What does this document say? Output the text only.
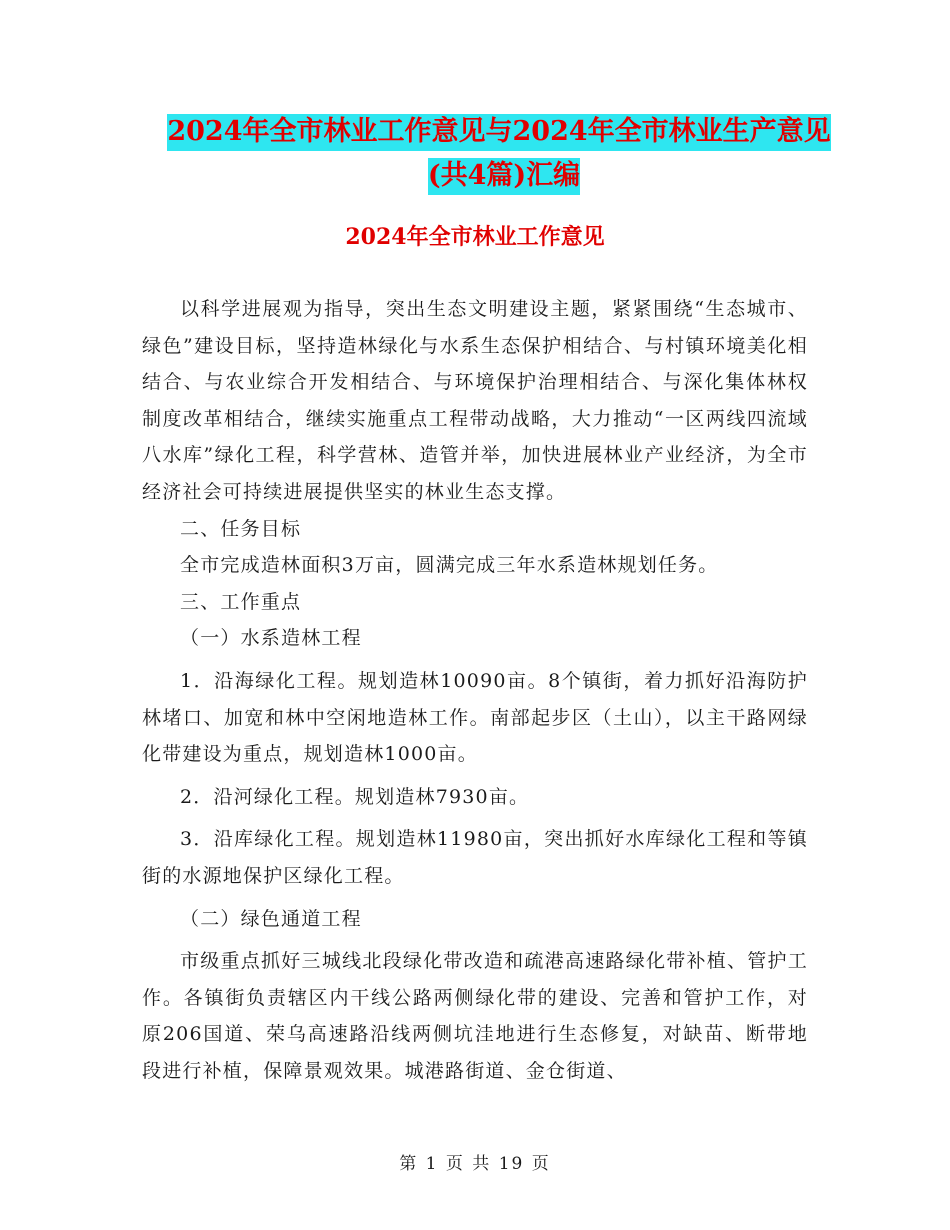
2024年全市林业工作意见与2024年全市林业生产意见
(共4篇)汇编
2024年全市林业工作意见

以科学进展观为指导，突出生态文明建设主题，紧紧围绕“生态城市、绿色”建设目标，坚持造林绿化与水系生态保护相结合、与村镇环境美化相结合、与农业综合开发相结合、与环境保护治理相结合、与深化集体林权制度改革相结合，继续实施重点工程带动战略，大力推动“一区两线四流域八水库”绿化工程，科学营林、造管并举，加快进展林业产业经济，为全市经济社会可持续进展提供坚实的林业生态支撑。

二、任务目标

全市完成造林面积3万亩，圆满完成三年水系造林规划任务。

三、工作重点

（一）水系造林工程

1．沿海绿化工程。规划造林10090亩。8个镇街，着力抓好沿海防护林堵口、加宽和林中空闲地造林工作。南部起步区（土山），以主干路网绿化带建设为重点，规划造林1000亩。

2．沿河绿化工程。规划造林7930亩。

3．沿库绿化工程。规划造林11980亩，突出抓好水库绿化工程和等镇街的水源地保护区绿化工程。

（二）绿色通道工程

市级重点抓好三城线北段绿化带改造和疏港高速路绿化带补植、管护工作。各镇街负责辖区内干线公路两侧绿化带的建设、完善和管护工作，对原206国道、荣乌高速路沿线两侧坑洼地进行生态修复，对缺苗、断带地段进行补植，保障景观效果。城港路街道、金仓街道、

第 1 页 共 19 页
